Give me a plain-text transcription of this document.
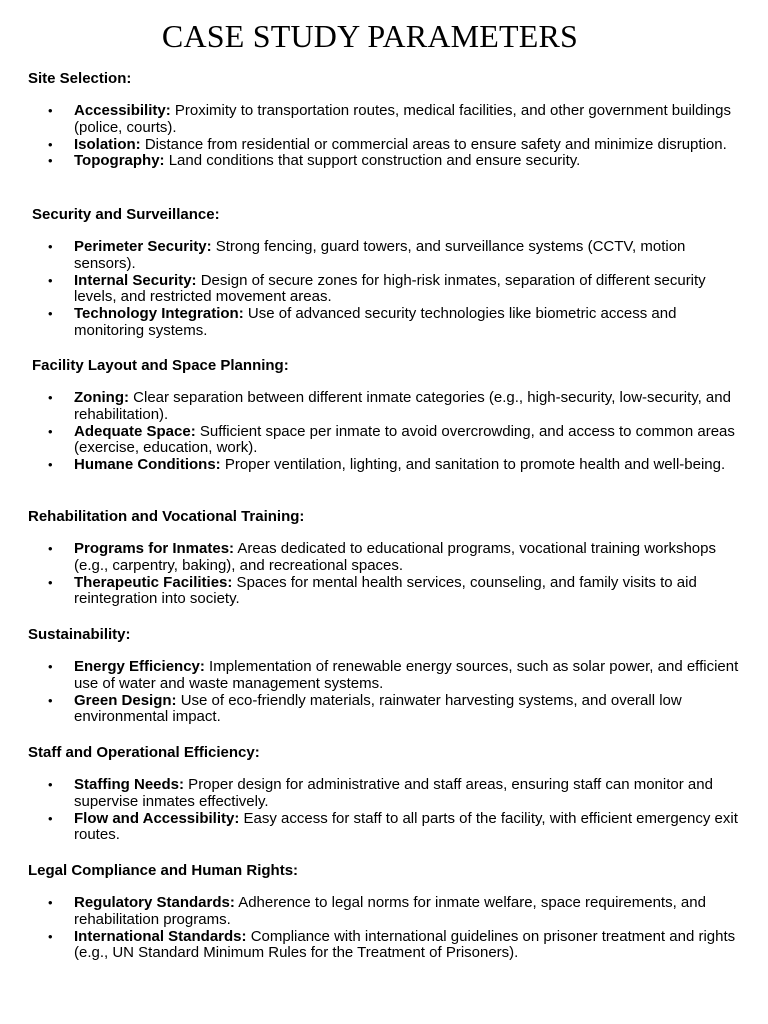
CASE STUDY PARAMETERS

Site Selection:

• Accessibility: Proximity to transportation routes, medical facilities, and other government buildings (police, courts).
• Isolation: Distance from residential or commercial areas to ensure safety and minimize disruption.
• Topography: Land conditions that support construction and ensure security.

Security and Surveillance:

• Perimeter Security: Strong fencing, guard towers, and surveillance systems (CCTV, motion sensors).
• Internal Security: Design of secure zones for high-risk inmates, separation of different security levels, and restricted movement areas.
• Technology Integration: Use of advanced security technologies like biometric access and monitoring systems.

Facility Layout and Space Planning:

• Zoning: Clear separation between different inmate categories (e.g., high-security, low-security, and rehabilitation).
• Adequate Space: Sufficient space per inmate to avoid overcrowding, and access to common areas (exercise, education, work).
• Humane Conditions: Proper ventilation, lighting, and sanitation to promote health and well-being.

Rehabilitation and Vocational Training:

• Programs for Inmates: Areas dedicated to educational programs, vocational training workshops (e.g., carpentry, baking), and recreational spaces.
• Therapeutic Facilities: Spaces for mental health services, counseling, and family visits to aid reintegration into society.

Sustainability:

• Energy Efficiency: Implementation of renewable energy sources, such as solar power, and efficient use of water and waste management systems.
• Green Design: Use of eco-friendly materials, rainwater harvesting systems, and overall low environmental impact.

Staff and Operational Efficiency:

• Staffing Needs: Proper design for administrative and staff areas, ensuring staff can monitor and supervise inmates effectively.
• Flow and Accessibility: Easy access for staff to all parts of the facility, with efficient emergency exit routes.

Legal Compliance and Human Rights:

• Regulatory Standards: Adherence to legal norms for inmate welfare, space requirements, and rehabilitation programs.
• International Standards: Compliance with international guidelines on prisoner treatment and rights (e.g., UN Standard Minimum Rules for the Treatment of Prisoners).
